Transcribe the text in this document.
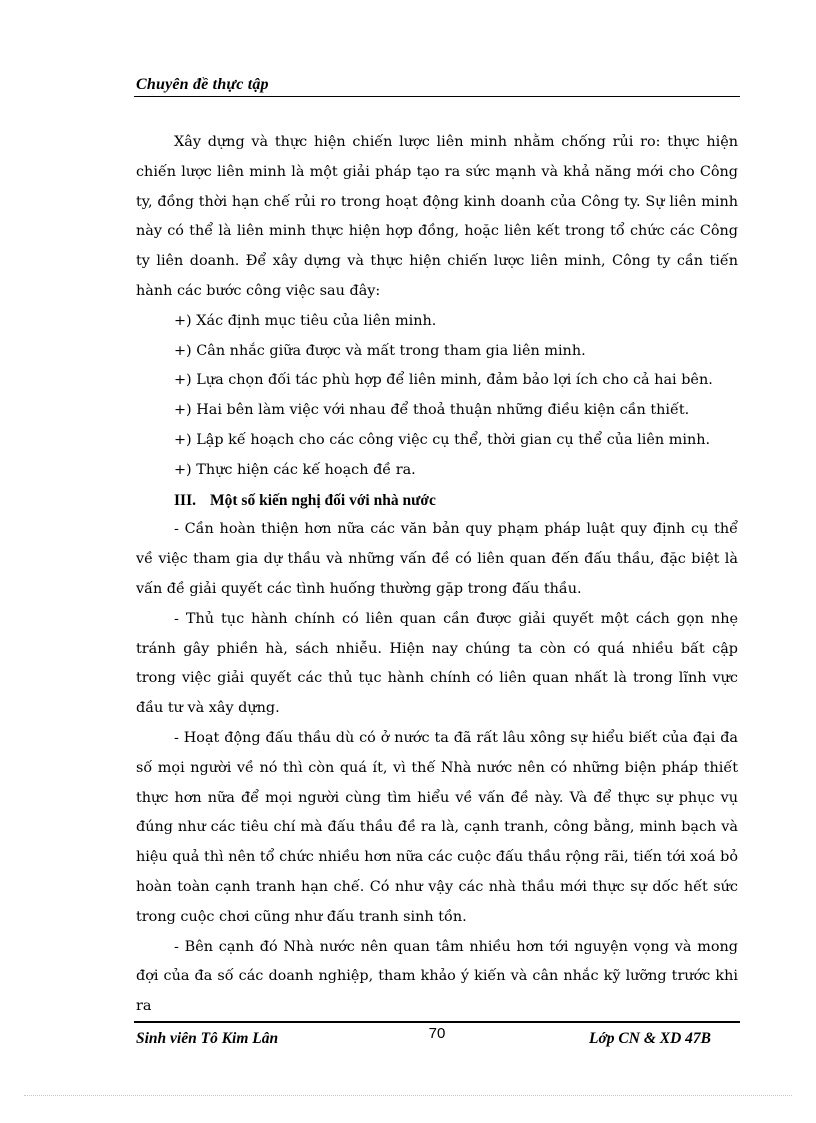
Chuyên đề thực tập

Xây dựng và thực hiện chiến lược liên minh nhằm chống rủi ro: thực hiện chiến lược liên minh là một giải pháp tạo ra sức mạnh và khả năng mới cho Công ty, đồng thời hạn chế rủi ro trong hoạt động kinh doanh của Công ty. Sự liên minh này có thể là liên minh thực hiện hợp đồng, hoặc liên kết trong tổ chức các Công ty liên doanh. Để xây dựng và thực hiện chiến lược liên minh, Công ty cần tiến hành các bước công việc sau đây:

+) Xác định mục tiêu của liên minh.

+) Cân nhắc giữa được và mất trong tham gia liên minh.

+) Lựa chọn đối tác phù hợp để liên minh, đảm bảo lợi ích cho cả hai bên.

+) Hai bên làm việc với nhau để thoả thuận những điều kiện cần thiết.

+) Lập kế hoạch cho các công việc cụ thể, thời gian cụ thể của liên minh.

+) Thực hiện các kế hoạch đề ra.

III. Một số kiến nghị đối với nhà nước

- Cần hoàn thiện hơn nữa các văn bản quy phạm pháp luật quy định cụ thể về việc tham gia dự thầu và những vấn đề có liên quan đến đấu thầu, đặc biệt là vấn đề giải quyết các tình huống thường gặp trong đấu thầu.

- Thủ tục hành chính có liên quan cần được giải quyết một cách gọn nhẹ tránh gây phiền hà, sách nhiễu. Hiện nay chúng ta còn có quá nhiều bất cập trong việc giải quyết các thủ tục hành chính có liên quan nhất là trong lĩnh vực đầu tư và xây dựng.

- Hoạt động đấu thầu dù có ở nước ta đã rất lâu xông sự hiểu biết của đại đa số mọi người về nó thì còn quá ít, vì thế Nhà nước nên có những biện pháp thiết thực hơn nữa để mọi người cùng tìm hiểu về vấn đề này. Và để thực sự phục vụ đúng như các tiêu chí mà đấu thầu đề ra là, cạnh tranh, công bằng, minh bạch và hiệu quả thì nên tổ chức nhiều hơn nữa các cuộc đấu thầu rộng rãi, tiến tới xoá bỏ hoàn toàn cạnh tranh hạn chế. Có như vậy các nhà thầu mới thực sự dốc hết sức trong cuộc chơi cũng như đấu tranh sinh tồn.

- Bên cạnh đó Nhà nước nên quan tâm nhiều hơn tới nguyện vọng và mong đợi của đa số các doanh nghiệp, tham khảo ý kiến và cân nhắc kỹ lưỡng trước khi ra

Sinh viên Tô Kim Lân	70	Lớp CN & XD 47B
